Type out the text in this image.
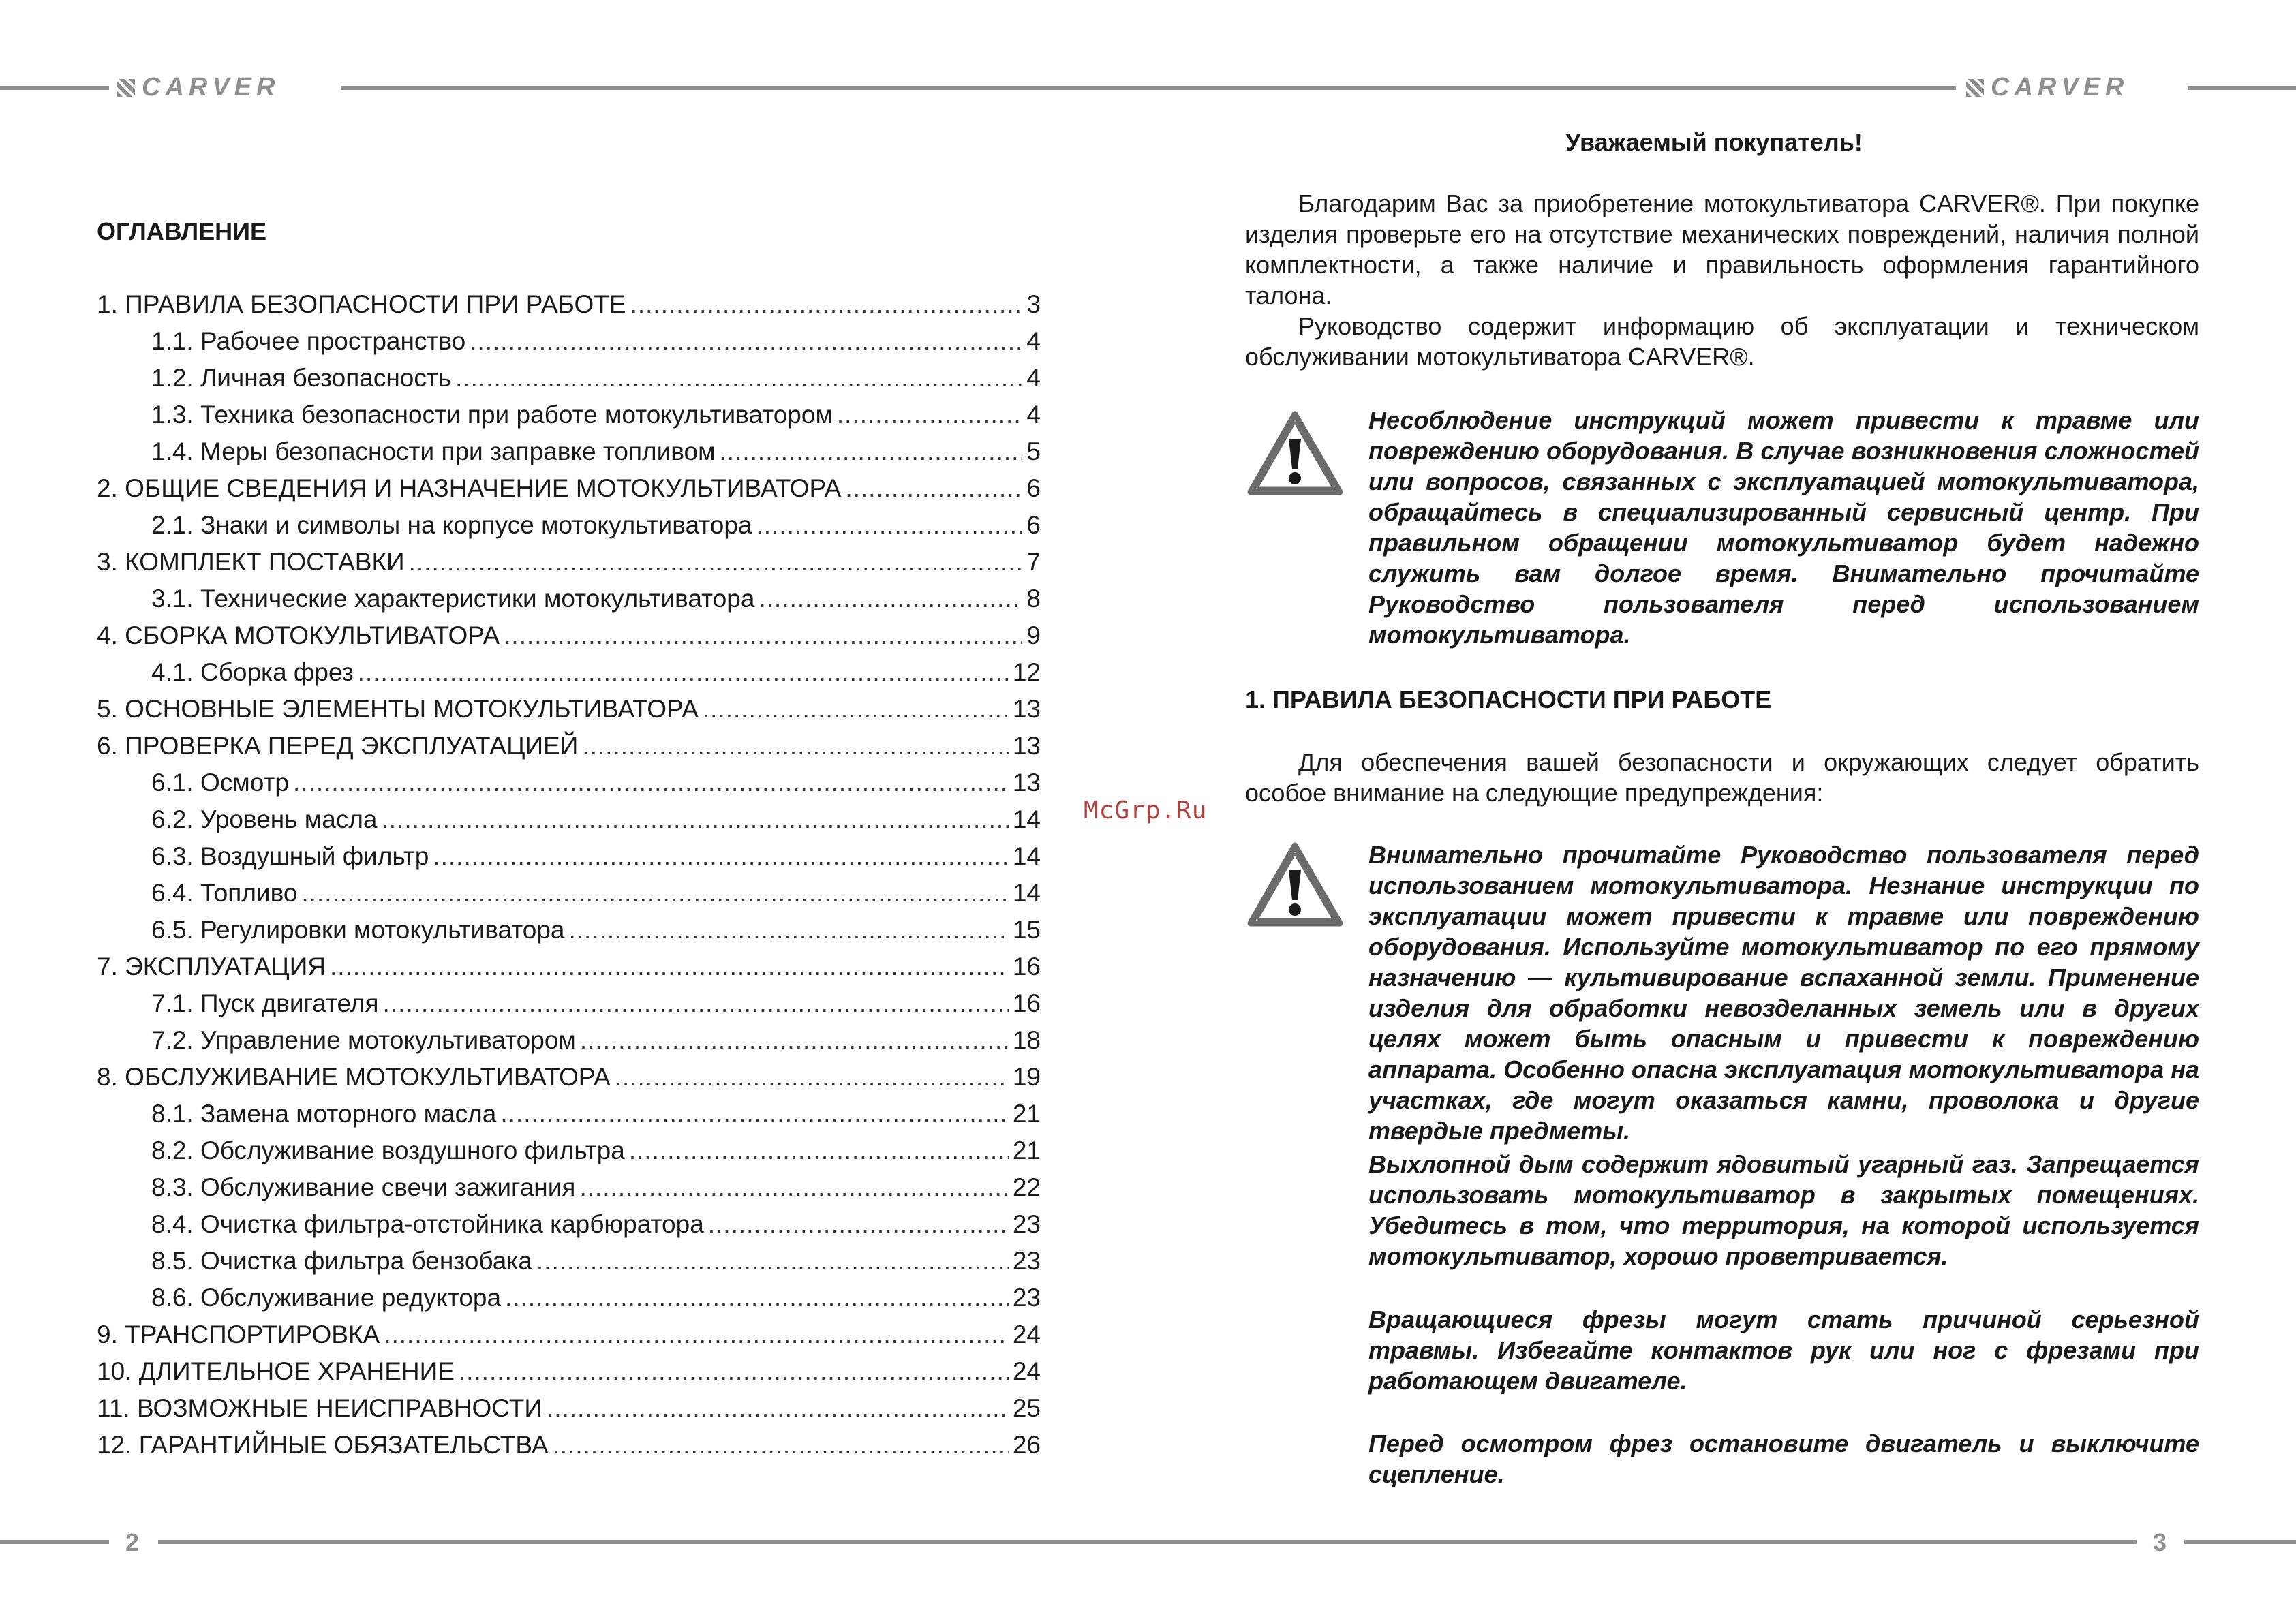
CARVER
ОГЛАВЛЕНИЕ
1. ПРАВИЛА БЕЗОПАСНОСТИ ПРИ РАБОТЕ .....	3
1.1. Рабочее пространство .....	4
1.2. Личная безопасность .....	4
1.3. Техника безопасности при работе мотокультиватором .....	4
1.4. Меры безопасности при заправке топливом .....	5
2. ОБЩИЕ СВЕДЕНИЯ И НАЗНАЧЕНИЕ МОТОКУЛЬТИВАТОРА .....	6
2.1. Знаки и символы на корпусе мотокультиватора .....	6
3. КОМПЛЕКТ ПОСТАВКИ .....	7
3.1. Технические характеристики мотокультиватора .....	8
4. СБОРКА МОТОКУЛЬТИВАТОРА .....	9
4.1. Сборка фрез .....	12
5. ОСНОВНЫЕ ЭЛЕМЕНТЫ МОТОКУЛЬТИВАТОРА .....	13
6. ПРОВЕРКА ПЕРЕД ЭКСПЛУАТАЦИЕЙ .....	13
6.1. Осмотр .....	13
6.2. Уровень масла .....	14
6.3. Воздушный фильтр .....	14
6.4. Топливо .....	14
6.5. Регулировки мотокультиватора .....	15
7. ЭКСПЛУАТАЦИЯ .....	16
7.1. Пуск двигателя .....	16
7.2. Управление мотокультиватором .....	18
8. ОБСЛУЖИВАНИЕ МОТОКУЛЬТИВАТОРА .....	19
8.1. Замена моторного масла .....	21
8.2. Обслуживание воздушного фильтра .....	21
8.3. Обслуживание свечи зажигания .....	22
8.4. Очистка фильтра-отстойника карбюратора .....	23
8.5. Очистка фильтра бензобака .....	23
8.6. Обслуживание редуктора .....	23
9. ТРАНСПОРТИРОВКА .....	24
10. ДЛИТЕЛЬНОЕ ХРАНЕНИЕ .....	24
11. ВОЗМОЖНЫЕ НЕИСПРАВНОСТИ .....	25
12. ГАРАНТИЙНЫЕ ОБЯЗАТЕЛЬСТВА .....	26
2
McGrp.Ru
CARVER
3

Уважаемый покупатель!

Благодарим Вас за приобретение мотокультиватора CARVER®. При покупке изделия проверьте его на отсутствие механических повреждений, наличия полной комплектности, а также наличие и правильность оформления гарантийного талона.

Руководство содержит информацию об эксплуатации и техническом обслуживании мотокультиватора CARVER®.

Несоблюдение инструкций может привести к травме или повреждению оборудования. В случае возникновения сложностей или вопросов, связанных с эксплуатацией мотокультиватора, обращайтесь в специализированный сервисный центр. При правильном обращении мотокультиватор будет надежно служить вам долгое время. Внимательно прочитайте Руководство пользователя перед использованием мотокультиватора.

1. ПРАВИЛА БЕЗОПАСНОСТИ ПРИ РАБОТЕ

Для обеспечения вашей безопасности и окружающих следует обратить особое внимание на следующие предупреждения:

Внимательно прочитайте Руководство пользователя перед использованием мотокультиватора. Незнание инструкции по эксплуатации может привести к травме или повреждению оборудования. Используйте мотокультиватор по его прямому назначению — культивирование вспаханной земли. Применение изделия для обработки невозделанных земель или в других целях может быть опасным и привести к повреждению аппарата. Особенно опасна эксплуатация мотокультиватора на участках, где могут оказаться камни, проволока и другие твердые предметы.

Выхлопной дым содержит ядовитый угарный газ. Запрещается использовать мотокультиватор в закрытых помещениях. Убедитесь в том, что территория, на которой используется мотокультиватор, хорошо проветривается.

Вращающиеся фрезы могут стать причиной серьезной травмы. Избегайте контактов рук или ног с фрезами при работающем двигателе.

Перед осмотром фрез остановите двигатель и выключите сцепление.
